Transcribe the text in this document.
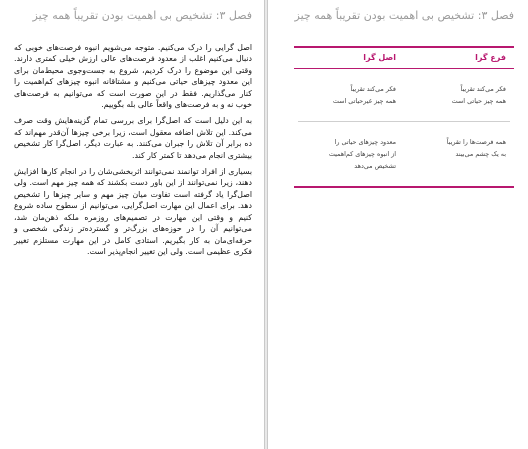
فصل ۳: تشخیص بی اهمیت بودن تقریباً همه چیز

اصل گرایی را درک می‌کنیم. متوجه می‌شویم انبوه فرصت‌های خوبی که دنبال می‌کنیم اغلب از معدود فرصت‌های عالی ارزش خیلی کمتری دارند. وقتی این موضوع را درک کردیم، شروع به جست‌وجوی محیط‌مان برای این معدود چیزهای حیاتی می‌کنیم و مشتاقانه انبوه چیزهای کم‌اهمیت را کنار می‌گذاریم. فقط در این صورت است که می‌توانیم به فرصت‌های خوب نه و به فرصت‌های واقعاً عالی بله بگوییم.

به این دلیل است که اصل‌گرا برای بررسی تمام گزینه‌هایش وقت صرف می‌کند. این تلاش اضافه معقول است، زیرا برخی چیزها آن‌قدر مهم‌اند که ده برابر آن تلاش را جبران می‌کنند. به عبارت دیگر، اصل‌گرا کار تشخیص بیشتری انجام می‌دهد تا کمتر کار کند.

بسیاری از افراد توانمند نمی‌توانند اثربخشی‌شان را در انجام کارها افزایش دهند، زیرا نمی‌توانند از این باور دست بکشند که همه چیز مهم است. ولی اصل‌گرا یاد گرفته است تفاوت میان چیز مهم و سایر چیزها را تشخیص دهد. برای اعمال این مهارت اصل‌گرایی، می‌توانیم از سطوح ساده شروع کنیم و وقتی این مهارت در تصمیم‌های روزمره ملکه ذهن‌مان شد، می‌توانیم آن را در حوزه‌های بزرگ‌تر و گسترده‌تر زندگی شخصی و حرفه‌ای‌مان به کار بگیریم. استادی کامل در این مهارت مستلزم تغییر فکری عظیمی است. ولی این تغییر انجام‌پذیر است.

فصل ۳: تشخیص بی اهمیت بودن تقریباً همه چیز
فرع گرا
اصل گرا
فکر می‌کند تقریباً
همه چیز حیاتی است
فکر می‌کند تقریباً
همه چیز غیرحیاتی است
همه فرصت‌ها را تقریباً
به یک چشم می‌بیند
معدود چیزهای حیاتی را
از انبوه چیزهای کم‌اهمیت
تشخیص می‌دهد
